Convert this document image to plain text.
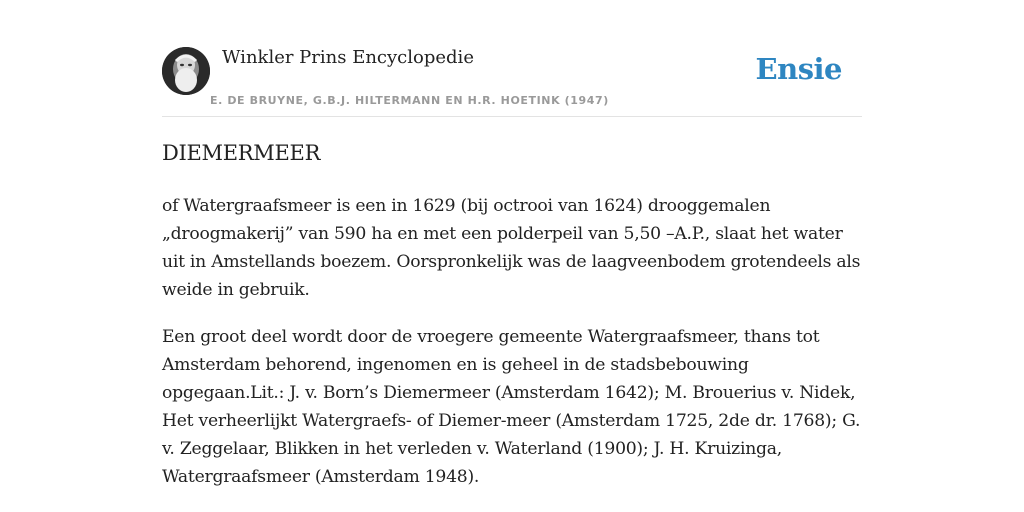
Winkler Prins Encyclopedie
E. DE BRUYNE, G.B.J. HILTERMANN EN H.R. HOETINK (1947)
Ensie
DIEMERMEER

of Watergraafsmeer is een in 1629 (bij octrooi van 1624) drooggemalen „droogmakerij” van 590 ha en met een polderpeil van 5,50 –A.P., slaat het water uit in Amstellands boezem. Oorspronkelijk was de laagveenbodem grotendeels als weide in gebruik.

Een groot deel wordt door de vroegere gemeente Watergraafsmeer, thans tot Amsterdam behorend, ingenomen en is geheel in de stadsbebouwing opgegaan.Lit.: J. v. Born’s Diemermeer (Amsterdam 1642); M. Brouerius v. Nidek, Het verheerlijkt Watergraefs- of Diemer-meer (Amsterdam 1725, 2de dr. 1768); G. v. Zeggelaar, Blikken in het verleden v. Waterland (1900); J. H. Kruizinga, Watergraafsmeer (Amsterdam 1948).
